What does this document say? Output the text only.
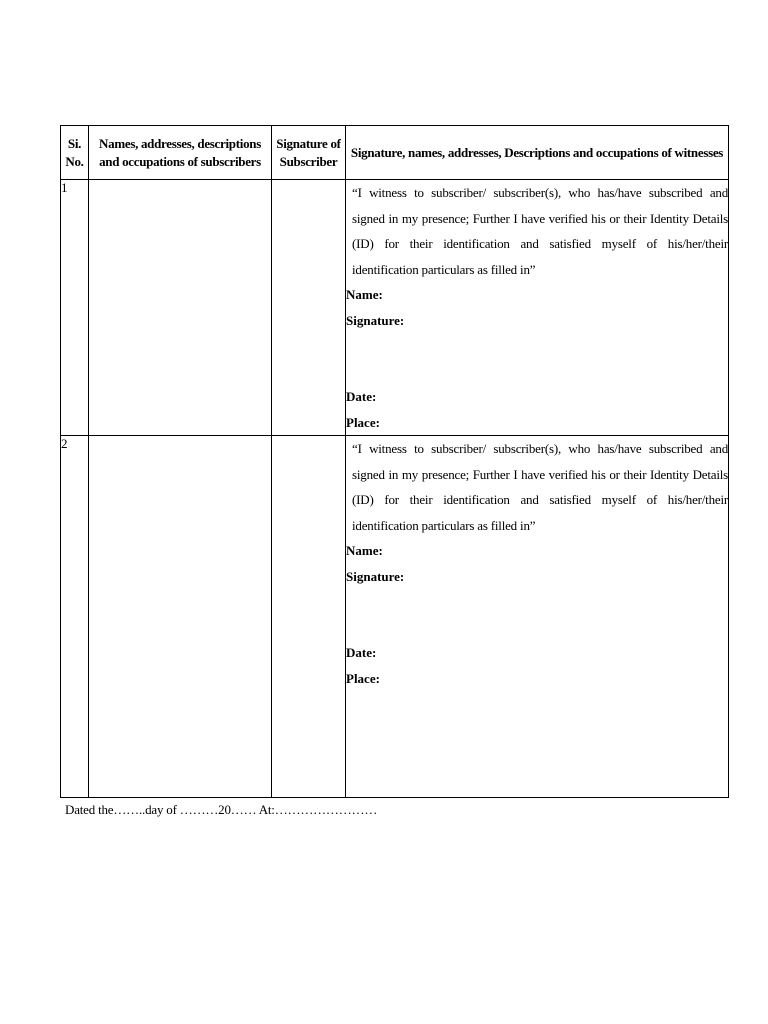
Si. No.	Names, addresses, descriptions and occupations of subscribers	Signature of Subscriber	Signature, names, addresses, Descriptions and occupations of witnesses
1			“I witness to subscriber/ subscriber(s), who has/have subscribed and signed in my presence; Further I have verified his or their Identity Details (ID) for their identification and satisfied myself of his/her/their identification particulars as filled in”
Name:
Signature:
Date:
Place:

2			“I witness to subscriber/ subscriber(s), who has/have subscribed and signed in my presence; Further I have verified his or their Identity Details (ID) for their identification and satisfied myself of his/her/their identification particulars as filled in”
Name:
Signature:
Date:
Place:
Dated the……..day of ………20…… At:……………………
